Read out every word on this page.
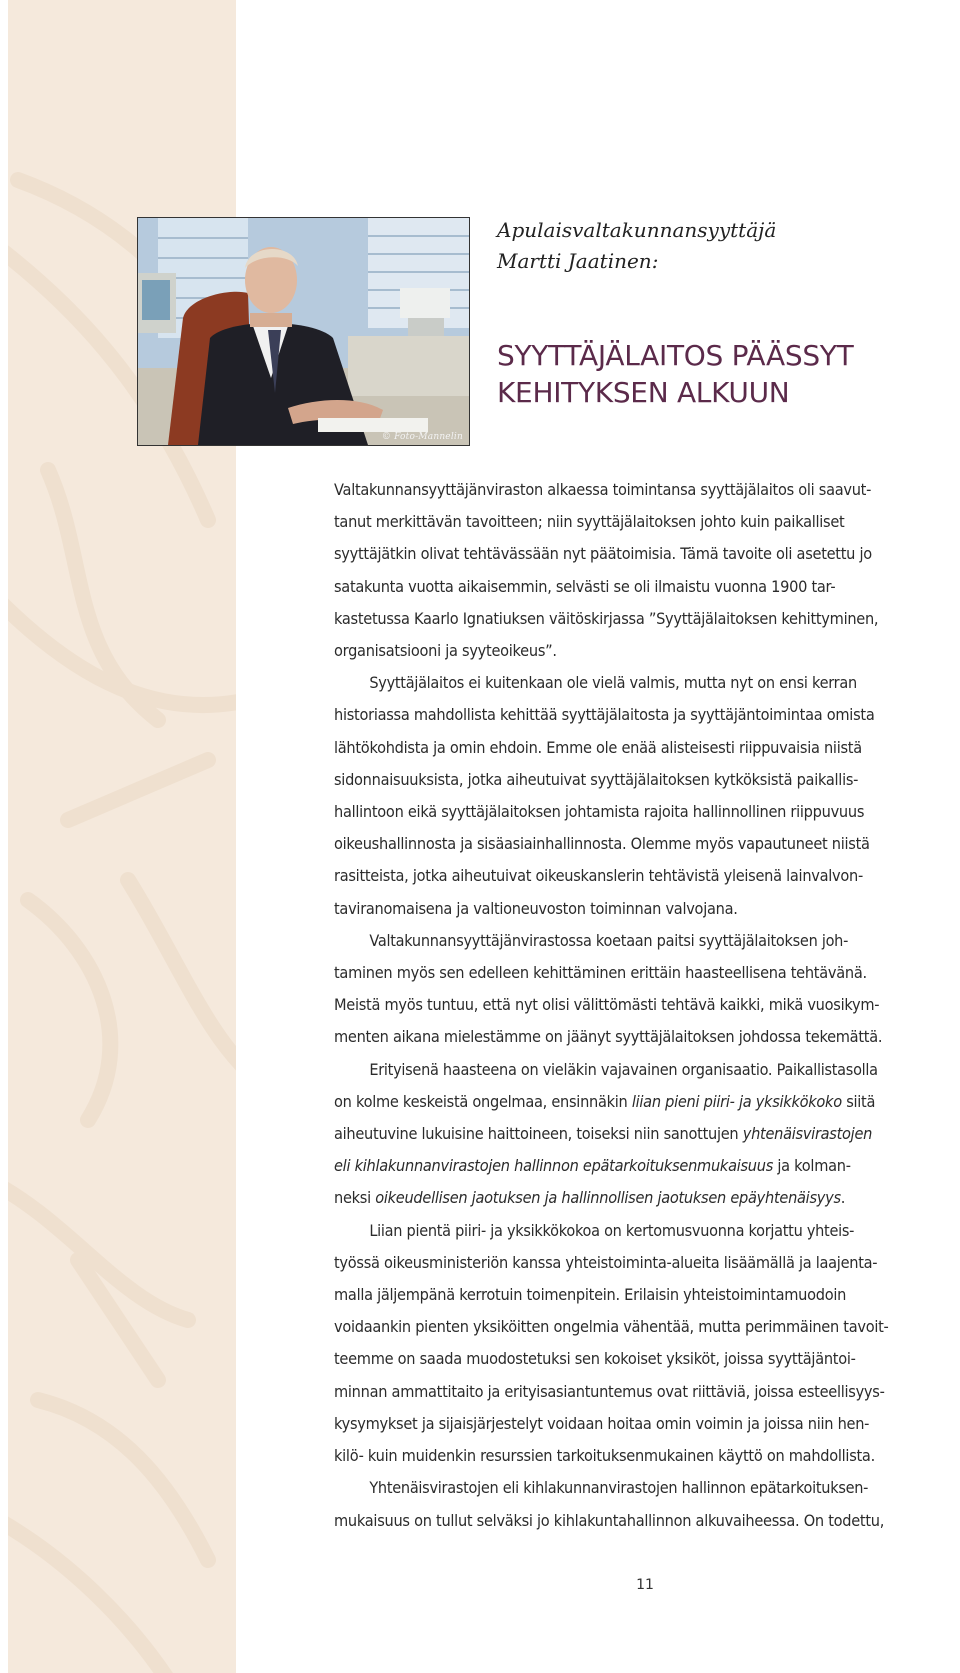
© Foto-Mannelin
Apulaisvaltakunnansyyttäjä
Martti Jaatinen:
SYYTTÄJÄLAITOS PÄÄSSYT
KEHITYKSEN ALKUUN
Valtakunnansyyttäjänviraston alkaessa toimintansa syyttäjälaitos oli saavut-
tanut merkittävän tavoitteen; niin syyttäjälaitoksen johto kuin paikalliset
syyttäjätkin olivat tehtävässään nyt päätoimisia. Tämä tavoite oli asetettu jo
satakunta vuotta aikaisemmin, selvästi se oli ilmaistu vuonna 1900 tar-
kastetussa Kaarlo Ignatiuksen väitöskirjassa ”Syyttäjälaitoksen kehittyminen,
organisatsiooni ja syyteoikeus”.
Syyttäjälaitos ei kuitenkaan ole vielä valmis, mutta nyt on ensi kerran
historiassa mahdollista kehittää syyttäjälaitosta ja syyttäjäntoimintaa omista
lähtökohdista ja omin ehdoin. Emme ole enää alisteisesti riippuvaisia niistä
sidonnaisuuksista, jotka aiheutuivat syyttäjälaitoksen kytköksistä paikallis-
hallintoon eikä syyttäjälaitoksen johtamista rajoita hallinnollinen riippuvuus
oikeushallinnosta ja sisäasiainhallinnosta. Olemme myös vapautuneet niistä
rasitteista, jotka aiheutuivat oikeuskanslerin tehtävistä yleisenä lainvalvon-
taviranomaisena ja valtioneuvoston toiminnan valvojana.
Valtakunnansyyttäjänvirastossa koetaan paitsi syyttäjälaitoksen joh-
taminen myös sen edelleen kehittäminen erittäin haasteellisena tehtävänä.
Meistä myös tuntuu, että nyt olisi välittömästi tehtävä kaikki, mikä vuosikym-
menten aikana mielestämme on jäänyt syyttäjälaitoksen johdossa tekemättä.
Erityisenä haasteena on vieläkin vajavainen organisaatio. Paikallistasolla
on kolme keskeistä ongelmaa, ensinnäkin liian pieni piiri- ja yksikkökoko siitä
aiheutuvine lukuisine haittoineen, toiseksi niin sanottujen yhtenäisvirastojen
eli kihlakunnanvirastojen hallinnon epätarkoituksenmukaisuus ja kolman-
neksi oikeudellisen jaotuksen ja hallinnollisen jaotuksen epäyhtenäisyys.
Liian pientä piiri- ja yksikkökokoa on kertomusvuonna korjattu yhteis-
työssä oikeusministeriön kanssa yhteistoiminta-alueita lisäämällä ja laajenta-
malla jäljempänä kerrotuin toimenpitein. Erilaisin yhteistoimintamuodoin
voidaankin pienten yksiköitten ongelmia vähentää, mutta perimmäinen tavoit-
teemme on saada muodostetuksi sen kokoiset yksiköt, joissa syyttäjäntoi-
minnan ammattitaito ja erityisasiantuntemus ovat riittäviä, joissa esteellisyys-
kysymykset ja sijaisjärjestelyt voidaan hoitaa omin voimin ja joissa niin hen-
kilö- kuin muidenkin resurssien tarkoituksenmukainen käyttö on mahdollista.
Yhtenäisvirastojen eli kihlakunnanvirastojen hallinnon epätarkoituksen-
mukaisuus on tullut selväksi jo kihlakuntahallinnon alkuvaiheessa. On todettu,
11
